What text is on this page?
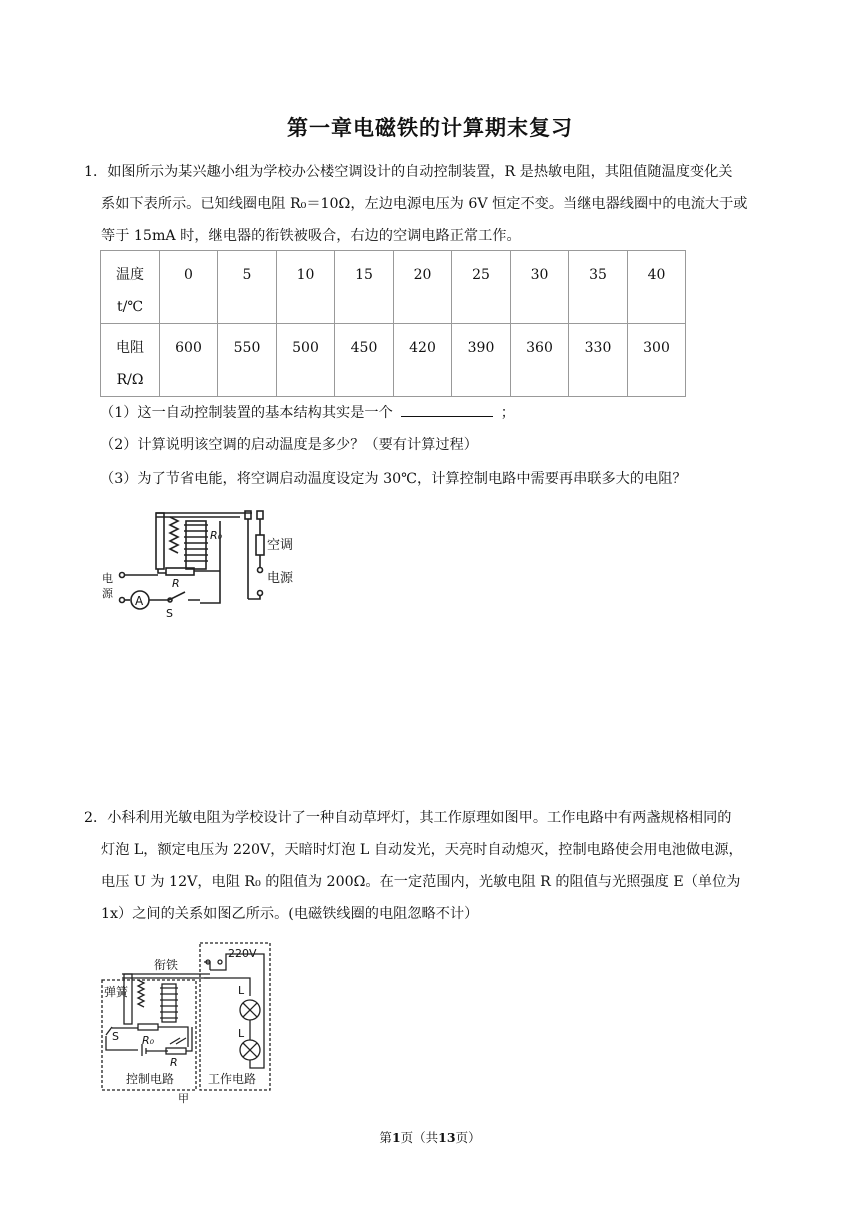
第一章电磁铁的计算期末复习
1．如图所示为某兴趣小组为学校办公楼空调设计的自动控制装置，R 是热敏电阻，其阻值随温度变化关
系如下表所示。已知线圈电阻 R₀＝10Ω，左边电源电压为 6V 恒定不变。当继电器线圈中的电流大于或
等于 15mA 时，继电器的衔铁被吸合，右边的空调电路正常工作。
温度
t/℃	0	5	10	15	20	25	30	35	40

电阻
R/Ω	600	550	500	450	420	390	360	330	300
（1）这一自动控制装置的基本结构其实是一个	；
（2）计算说明该空调的启动温度是多少？（要有计算过程）
（3）为了节省电能，将空调启动温度设定为 30℃，计算控制电路中需要再串联多大的电阻？
R₀
R
A
S
电
源
空调
电源
2．小科利用光敏电阻为学校设计了一种自动草坪灯，其工作原理如图甲。工作电路中有两盏规格相同的
灯泡 L，额定电压为 220V，天暗时灯泡 L 自动发光，天亮时自动熄灭，控制电路使会用电池做电源，
电压 U 为 12V，电阻 R₀ 的阻值为 200Ω。在一定范围内，光敏电阻 R 的阻值与光照强度 E（单位为
1x）之间的关系如图乙所示。(电磁铁线圈的电阻忽略不计）
衔铁
弹簧
220V
R₀
S
R
L
L
控制电路	工作电路
甲
第1页（共13页）
